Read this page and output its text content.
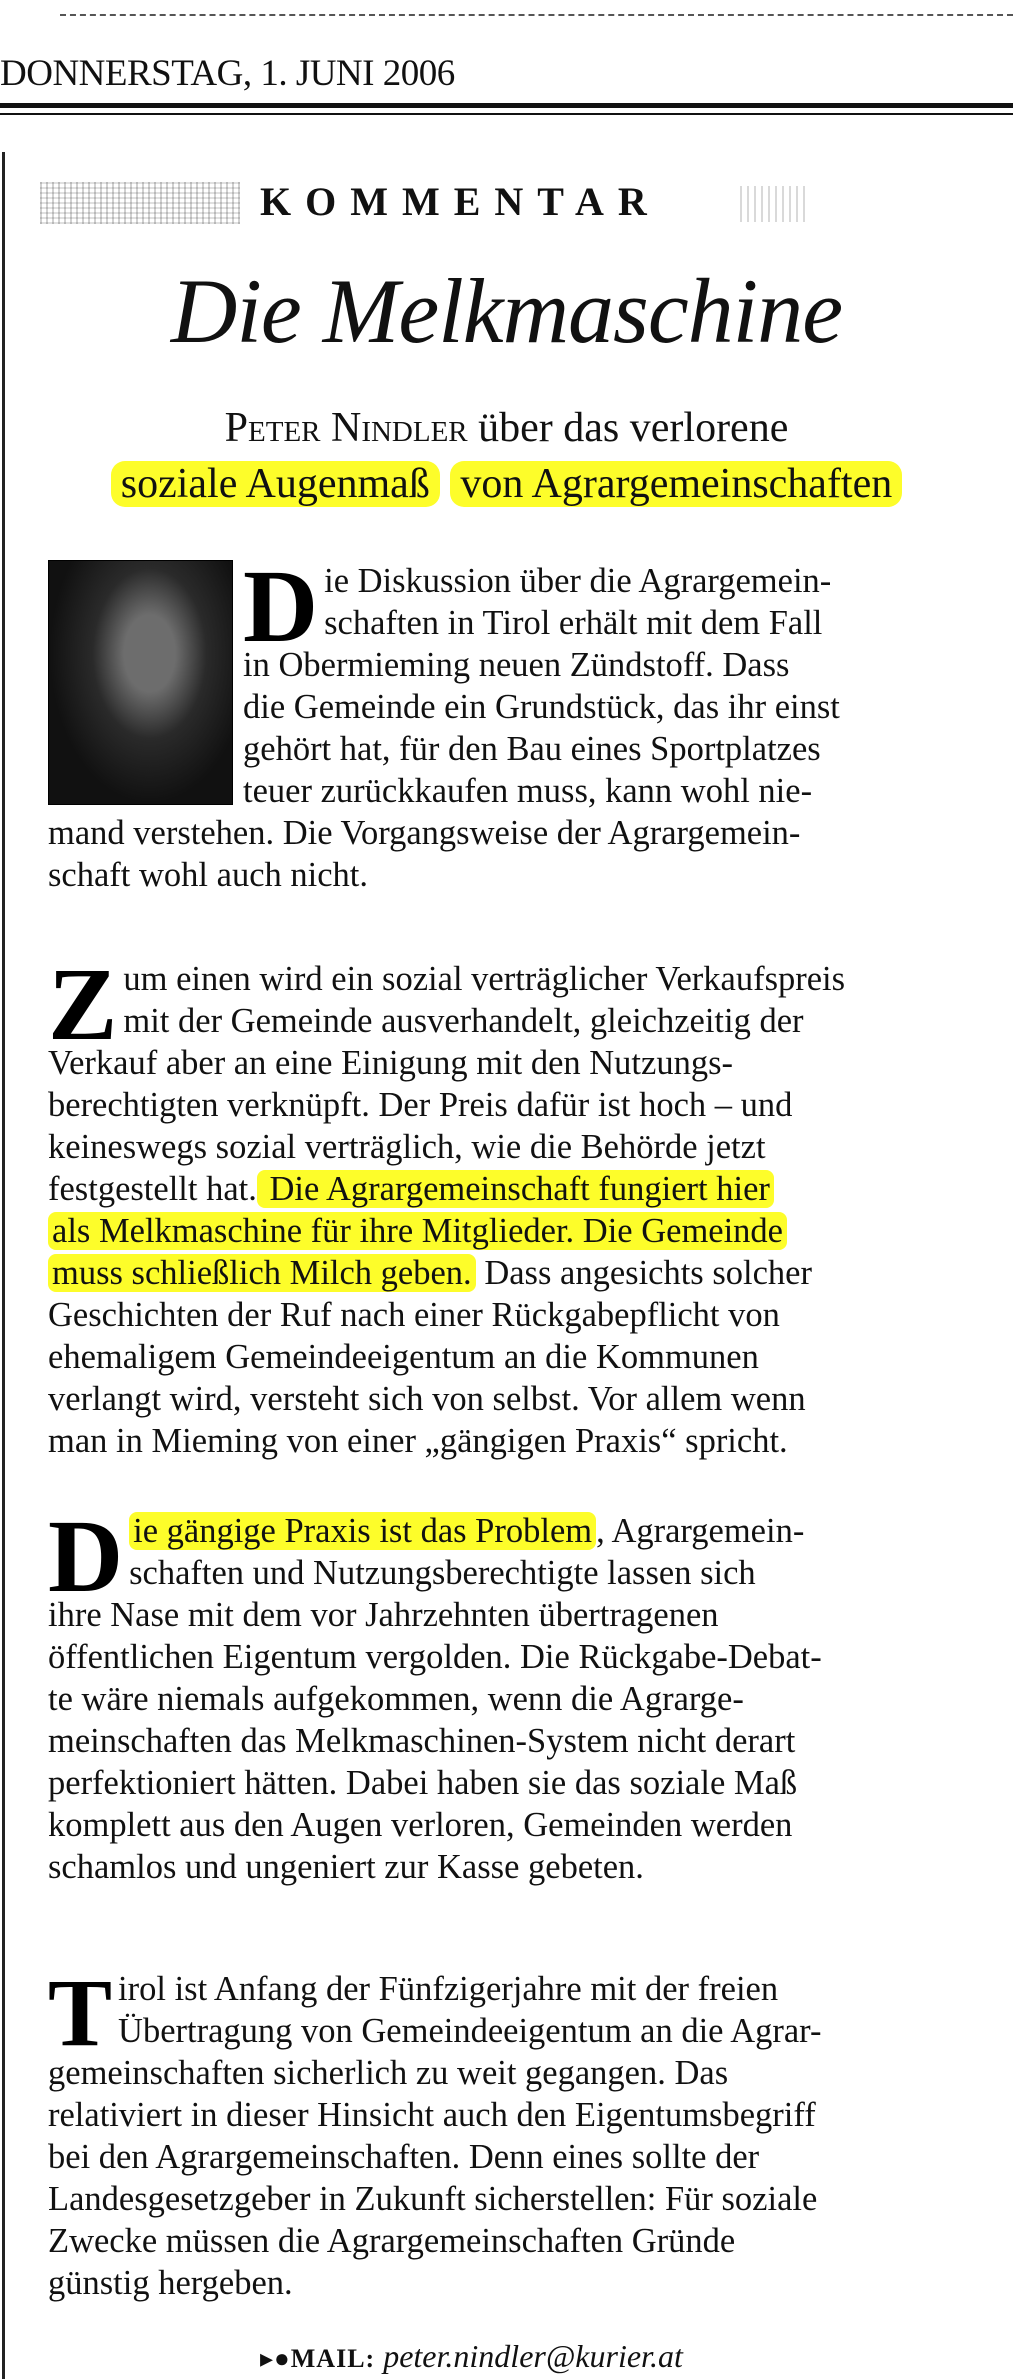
DONNERSTAG, 1. JUNI 2006
KOMMENTAR
Die Melkmaschine
Peter Nindler über das verlorene
soziale Augenmaß von Agrargemeinschaften
D ie Diskussion über die Agrargemein-
schaften in Tirol erhält mit dem Fall
in Obermieming neuen Zündstoff. Dass
die Gemeinde ein Grundstück, das ihr einst
gehört hat, für den Bau eines Sportplatzes
teuer zurückkaufen muss, kann wohl nie-
mand verstehen. Die Vorgangsweise der Agrargemein-
schaft wohl auch nicht.
Z um einen wird ein sozial verträglicher Verkaufspreis
mit der Gemeinde ausverhandelt, gleichzeitig der
Verkauf aber an eine Einigung mit den Nutzungs-
berechtigten verknüpft. Der Preis dafür ist hoch – und
keineswegs sozial verträglich, wie die Behörde jetzt
festgestellt hat. Die Agrargemeinschaft fungiert hier
als Melkmaschine für ihre Mitglieder. Die Gemeinde
muss schließlich Milch geben. Dass angesichts solcher
Geschichten der Ruf nach einer Rückgabepflicht von
ehemaligem Gemeindeeigentum an die Kommunen
verlangt wird, versteht sich von selbst. Vor allem wenn
man in Mieming von einer „gängigen Praxis“ spricht.
D ie gängige Praxis ist das Problem , Agrargemein-
schaften und Nutzungsberechtigte lassen sich
ihre Nase mit dem vor Jahrzehnten übertragenen
öffentlichen Eigentum vergolden. Die Rückgabe-Debat-
te wäre niemals aufgekommen, wenn die Agrarge-
meinschaften das Melkmaschinen-System nicht derart
perfektioniert hätten. Dabei haben sie das soziale Maß
komplett aus den Augen verloren, Gemeinden werden
schamlos und ungeniert zur Kasse gebeten.
T irol ist Anfang der Fünfzigerjahre mit der freien
Übertragung von Gemeindeeigentum an die Agrar-
gemeinschaften sicherlich zu weit gegangen. Das
relativiert in dieser Hinsicht auch den Eigentumsbegriff
bei den Agrargemeinschaften. Denn eines sollte der
Landesgesetzgeber in Zukunft sicherstellen: Für soziale
Zwecke müssen die Agrargemeinschaften Gründe
günstig hergeben.
▸●MAIL: peter.nindler@kurier.at
